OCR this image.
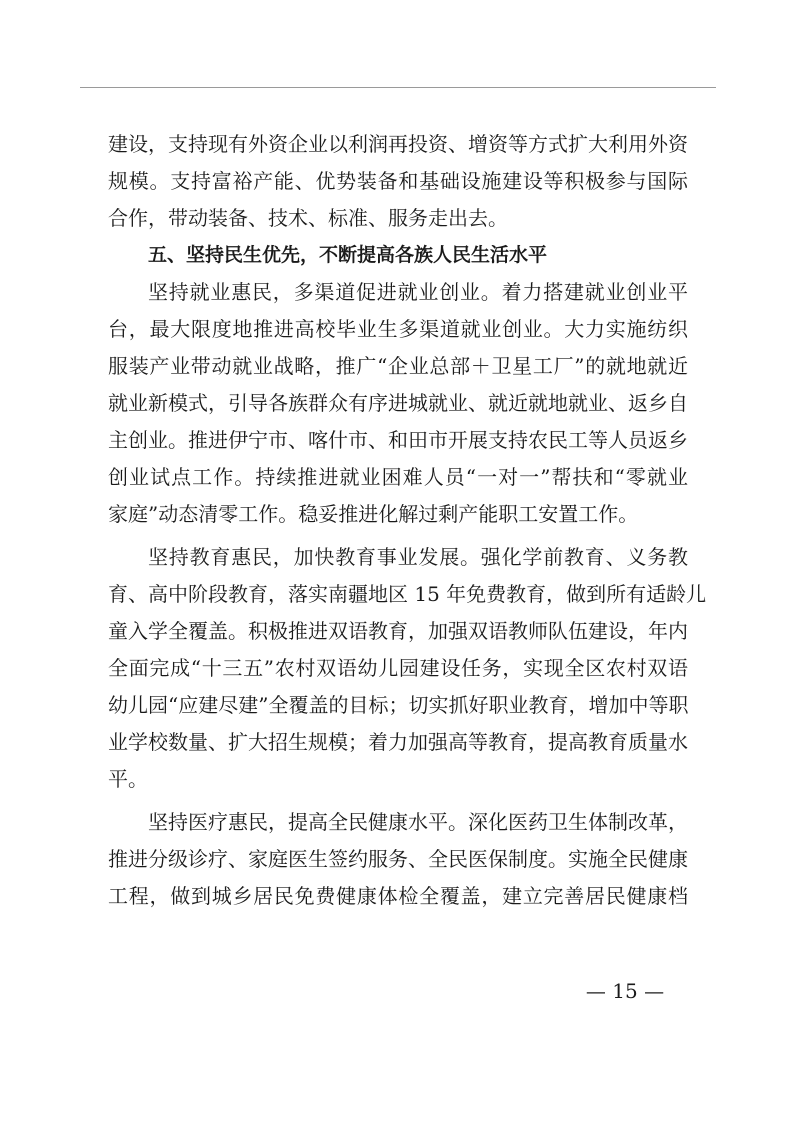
建设，支持现有外资企业以利润再投资、增资等方式扩大利用外资
规模。支持富裕产能、优势装备和基础设施建设等积极参与国际
合作，带动装备、技术、标准、服务走出去。
五、坚持民生优先，不断提高各族人民生活水平
坚持就业惠民，多渠道促进就业创业。着力搭建就业创业平
台，最大限度地推进高校毕业生多渠道就业创业。大力实施纺织
服装产业带动就业战略，推广“企业总部＋卫星工厂”的就地就近
就业新模式，引导各族群众有序进城就业、就近就地就业、返乡自
主创业。推进伊宁市、喀什市、和田市开展支持农民工等人员返乡
创业试点工作。持续推进就业困难人员“一对一”帮扶和“零就业
家庭”动态清零工作。稳妥推进化解过剩产能职工安置工作。
坚持教育惠民，加快教育事业发展。强化学前教育、义务教
育、高中阶段教育，落实南疆地区 15 年免费教育，做到所有适龄儿
童入学全覆盖。积极推进双语教育，加强双语教师队伍建设，年内
全面完成“十三五”农村双语幼儿园建设任务，实现全区农村双语
幼儿园“应建尽建”全覆盖的目标；切实抓好职业教育，增加中等职
业学校数量、扩大招生规模；着力加强高等教育，提高教育质量水
平。
坚持医疗惠民，提高全民健康水平。深化医药卫生体制改革，
推进分级诊疗、家庭医生签约服务、全民医保制度。实施全民健康
工程，做到城乡居民免费健康体检全覆盖，建立完善居民健康档
— 15 —
